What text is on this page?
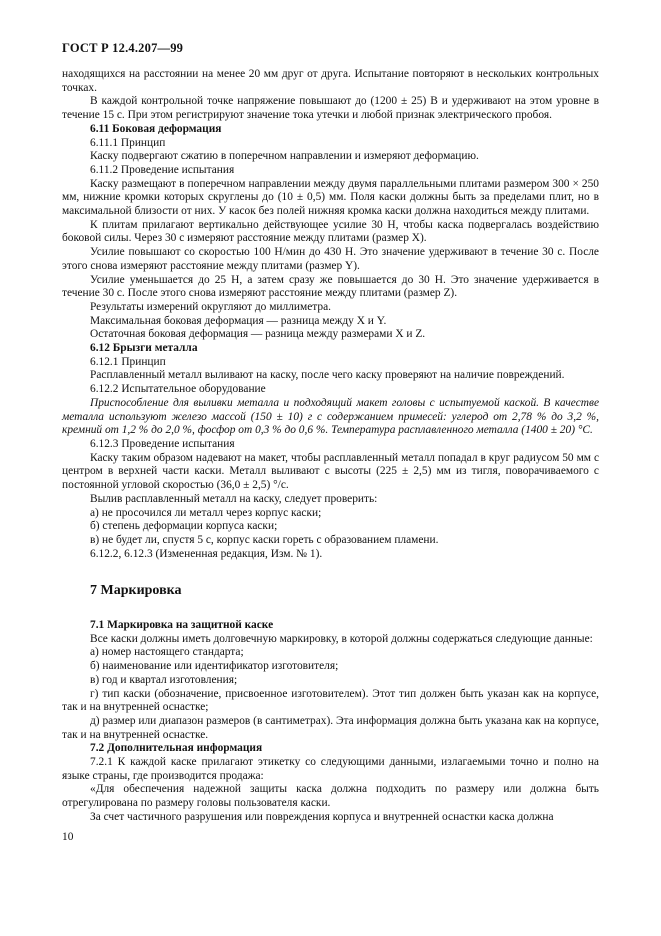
ГОСТ Р 12.4.207—99

находящихся на расстоянии на менее 20 мм друг от друга. Испытание повторяют в нескольких контрольных точках.

В каждой контрольной точке напряжение повышают до (1200 ± 25) В и удерживают на этом уровне в течение 15 с. При этом регистрируют значение тока утечки и любой признак электрического пробоя.

6.11 Боковая деформация

6.11.1 Принцип

Каску подвергают сжатию в поперечном направлении и измеряют деформацию.

6.11.2 Проведение испытания

Каску размещают в поперечном направлении между двумя параллельными плитами размером 300 × 250 мм, нижние кромки которых скруглены до (10 ± 0,5) мм. Поля каски должны быть за пределами плит, но в максимальной близости от них. У касок без полей нижняя кромка каски должна находиться между плитами.

К плитам прилагают вертикально действующее усилие 30 Н, чтобы каска подвергалась воздействию боковой силы. Через 30 с измеряют расстояние между плитами (размер X).

Усилие повышают со скоростью 100 Н/мин до 430 Н. Это значение удерживают в течение 30 с. После этого снова измеряют расстояние между плитами (размер Y).

Усилие уменьшается до 25 Н, а затем сразу же повышается до 30 Н. Это значение удерживается в течение 30 с. После этого снова измеряют расстояние между плитами (размер Z).

Результаты измерений округляют до миллиметра.

Максимальная боковая деформация — разница между X и Y.

Остаточная боковая деформация — разница между размерами X и Z.

6.12 Брызги металла

6.12.1 Принцип

Расплавленный металл выливают на каску, после чего каску проверяют на наличие повреждений.

6.12.2 Испытательное оборудование

Приспособление для выливки металла и подходящий макет головы с испытуемой каской. В качестве металла используют железо массой (150 ± 10) г с содержанием примесей: углерод от 2,78 % до 3,2 %, кремний от 1,2 % до 2,0 %, фосфор от 0,3 % до 0,6 %. Температура расплавленного металла (1400 ± 20) °С.

6.12.3 Проведение испытания

Каску таким образом надевают на макет, чтобы расплавленный металл попадал в круг радиусом 50 мм с центром в верхней части каски. Металл выливают с высоты (225 ± 2,5) мм из тигля, поворачиваемого с постоянной угловой скоростью (36,0 ± 2,5) °/с.

Вылив расплавленный металл на каску, следует проверить:

а) не просочился ли металл через корпус каски;

б) степень деформации корпуса каски;

в) не будет ли, спустя 5 с, корпус каски гореть с образованием пламени.

6.12.2, 6.12.3 (Измененная редакция, Изм. № 1).

7 Маркировка

7.1 Маркировка на защитной каске

Все каски должны иметь долговечную маркировку, в которой должны содержаться следующие данные:

а) номер настоящего стандарта;

б) наименование или идентификатор изготовителя;

в) год и квартал изготовления;

г) тип каски (обозначение, присвоенное изготовителем). Этот тип должен быть указан как на корпусе, так и на внутренней оснастке;

д) размер или диапазон размеров (в сантиметрах). Эта информация должна быть указана как на корпусе, так и на внутренней оснастке.

7.2 Дополнительная информация

7.2.1 К каждой каске прилагают этикетку со следующими данными, излагаемыми точно и полно на языке страны, где производится продажа:

«Для обеспечения надежной защиты каска должна подходить по размеру или должна быть отрегулирована по размеру головы пользователя каски.

За счет частичного разрушения или повреждения корпуса и внутренней оснастки каска должна

10
